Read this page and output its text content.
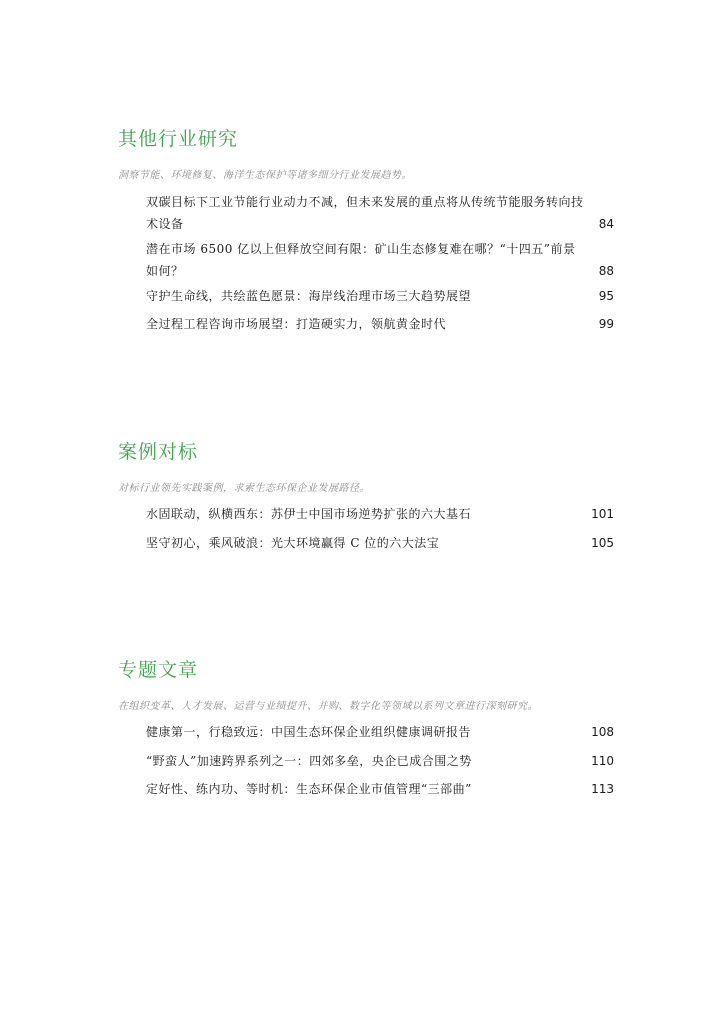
其他行业研究
洞察节能、环境修复、海洋生态保护等诸多细分行业发展趋势。
双碳目标下工业节能行业动力不减，但未来发展的重点将从传统节能服务转向技术设备	84
潜在市场 6500 亿以上但释放空间有限：矿山生态修复难在哪？“十四五”前景如何？	88
守护生命线，共绘蓝色愿景：海岸线治理市场三大趋势展望	95
全过程工程咨询市场展望：打造硬实力，领航黄金时代	99
案例对标
对标行业领先实践案例，求索生态环保企业发展路径。
水固联动，纵横西东：苏伊士中国市场逆势扩张的六大基石	101
坚守初心，乘风破浪：光大环境赢得 C 位的六大法宝	105
专题文章
在组织变革、人才发展、运营与业绩提升、并购、数字化等领域以系列文章进行深刻研究。
健康第一，行稳致远：中国生态环保企业组织健康调研报告	108
“野蛮人”加速跨界系列之一：四郊多垒，央企已成合围之势	110
定好性、练内功、等时机：生态环保企业市值管理“三部曲”	113
